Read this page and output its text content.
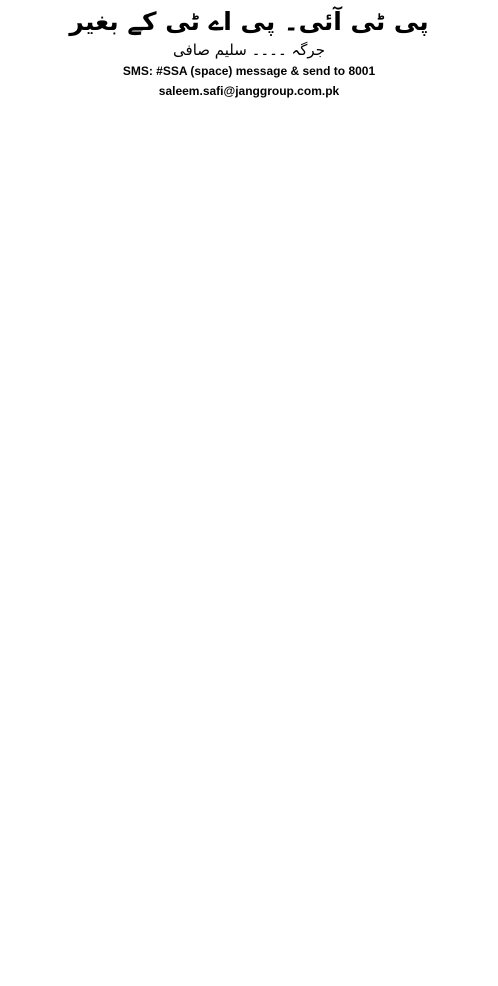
پی ٹی آئی۔ پی اے ٹی کے بغیر

جرگہ ۔۔۔۔ سلیم صافی

SMS: #SSA (space) message & send to 8001

saleem.safi@janggroup.com.pk
